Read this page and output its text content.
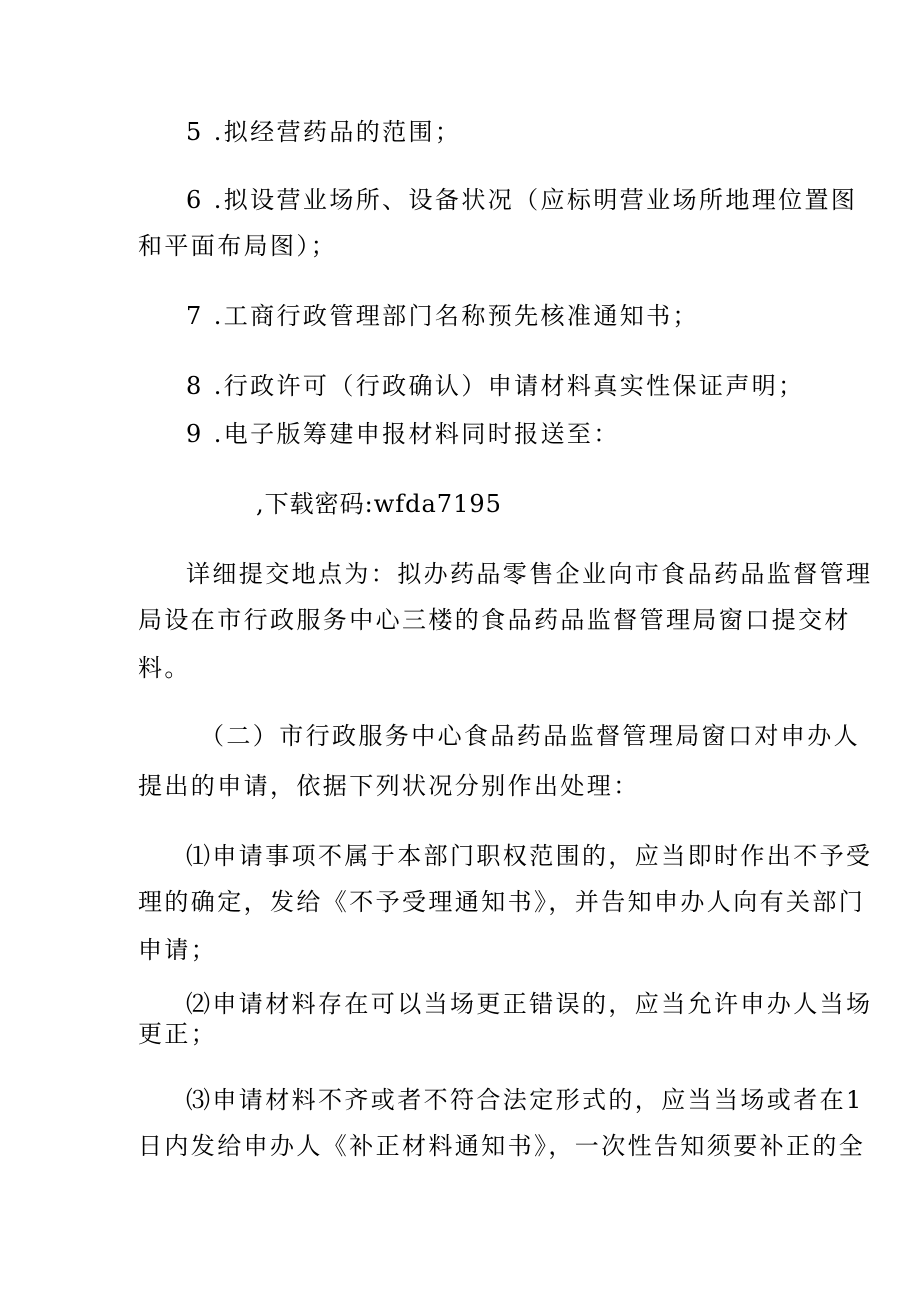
5 .拟经营药品的范围；
6 .拟设营业场所、设备状况（应标明营业场所地理位置图
和平面布局图）；
7 .工商行政管理部门名称预先核准通知书；
8 .行政许可（行政确认）申请材料真实性保证声明；
9 .电子版筹建申报材料同时报送至：
,下载密码:wfda7195
详细提交地点为：拟办药品零售企业向市食品药品监督管理
局设在市行政服务中心三楼的食品药品监督管理局窗口提交材
料。
（二）市行政服务中心食品药品监督管理局窗口对申办人
提出的申请，依据下列状况分别作出处理：
⑴申请事项不属于本部门职权范围的，应当即时作出不予受
理的确定，发给《不予受理通知书》，并告知申办人向有关部门
申请；
⑵申请材料存在可以当场更正错误的，应当允许申办人当场
更正；
⑶申请材料不齐或者不符合法定形式的，应当当场或者在1
日内发给申办人《补正材料通知书》，一次性告知须要补正的全
